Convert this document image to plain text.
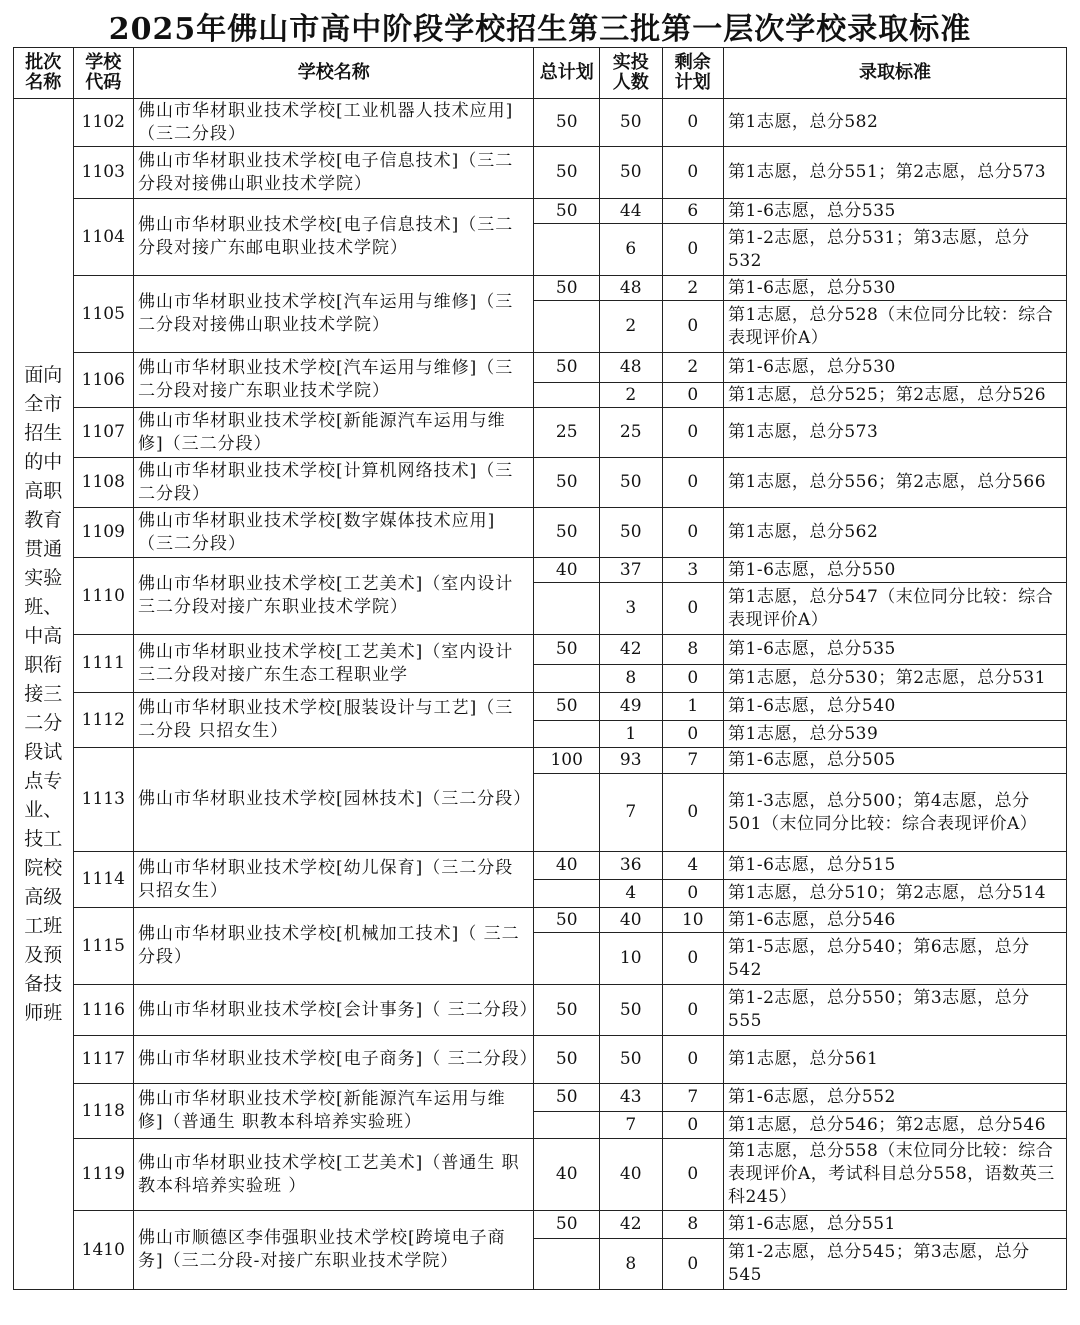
2025年佛山市高中阶段学校招生第三批第一层次学校录取标准
批次名称	学校代码	学校名称	总计划	实投人数	剩余计划	录取标准
面向全市招生的中高职教育贯通实验班、中高职衔接三二分段试点专业、技工院校高级工班及预备技师班	1102	佛山市华材职业技术学校[工业机器人技术应用]（三二分段）	50	50	0	第1志愿，总分582
	1103	佛山市华材职业技术学校[电子信息技术]（三二分段对接佛山职业技术学院）	50	50	0	第1志愿，总分551；第2志愿，总分573
	1104	佛山市华材职业技术学校[电子信息技术]（三二分段对接广东邮电职业技术学院）	50	44	6	第1-6志愿，总分535
				6	0	第1-2志愿，总分531；第3志愿，总分532
	1105	佛山市华材职业技术学校[汽车运用与维修]（三二分段对接佛山职业技术学院）	50	48	2	第1-6志愿，总分530
				2	0	第1志愿，总分528（末位同分比较：综合表现评价A）
	1106	佛山市华材职业技术学校[汽车运用与维修]（三二分段对接广东职业技术学院）	50	48	2	第1-6志愿，总分530
				2	0	第1志愿，总分525；第2志愿，总分526
	1107	佛山市华材职业技术学校[新能源汽车运用与维修]（三二分段）	25	25	0	第1志愿，总分573
	1108	佛山市华材职业技术学校[计算机网络技术]（三二分段）	50	50	0	第1志愿，总分556；第2志愿，总分566
	1109	佛山市华材职业技术学校[数字媒体技术应用]（三二分段）	50	50	0	第1志愿，总分562
	1110	佛山市华材职业技术学校[工艺美术]（室内设计三二分段对接广东职业技术学院）	40	37	3	第1-6志愿，总分550
				3	0	第1志愿，总分547（末位同分比较：综合表现评价A）
	1111	佛山市华材职业技术学校[工艺美术]（室内设计三二分段对接广东生态工程职业学	50	42	8	第1-6志愿，总分535
				8	0	第1志愿，总分530；第2志愿，总分531
	1112	佛山市华材职业技术学校[服装设计与工艺]（三二分段 只招女生）	50	49	1	第1-6志愿，总分540
				1	0	第1志愿，总分539
	1113	佛山市华材职业技术学校[园林技术]（三二分段）	100	93	7	第1-6志愿，总分505
				7	0	第1-3志愿，总分500；第4志愿，总分501（末位同分比较：综合表现评价A）
	1114	佛山市华材职业技术学校[幼儿保育]（三二分段 只招女生）	40	36	4	第1-6志愿，总分515
				4	0	第1志愿，总分510；第2志愿，总分514
	1115	佛山市华材职业技术学校[机械加工技术]（ 三二分段）	50	40	10	第1-6志愿，总分546
				10	0	第1-5志愿，总分540；第6志愿，总分542
	1116	佛山市华材职业技术学校[会计事务]（ 三二分段）	50	50	0	第1-2志愿，总分550；第3志愿，总分555
	1117	佛山市华材职业技术学校[电子商务]（ 三二分段）	50	50	0	第1志愿，总分561
	1118	佛山市华材职业技术学校[新能源汽车运用与维修]（普通生 职教本科培养实验班）	50	43	7	第1-6志愿，总分552
				7	0	第1志愿，总分546；第2志愿，总分546
	1119	佛山市华材职业技术学校[工艺美术]（普通生 职教本科培养实验班 ）	40	40	0	第1志愿，总分558（末位同分比较：综合表现评价A，考试科目总分558，语数英三科245）
	1410	佛山市顺德区李伟强职业技术学校[跨境电子商务]（三二分段-对接广东职业技术学院）	50	42	8	第1-6志愿，总分551
				8	0	第1-2志愿，总分545；第3志愿，总分545
